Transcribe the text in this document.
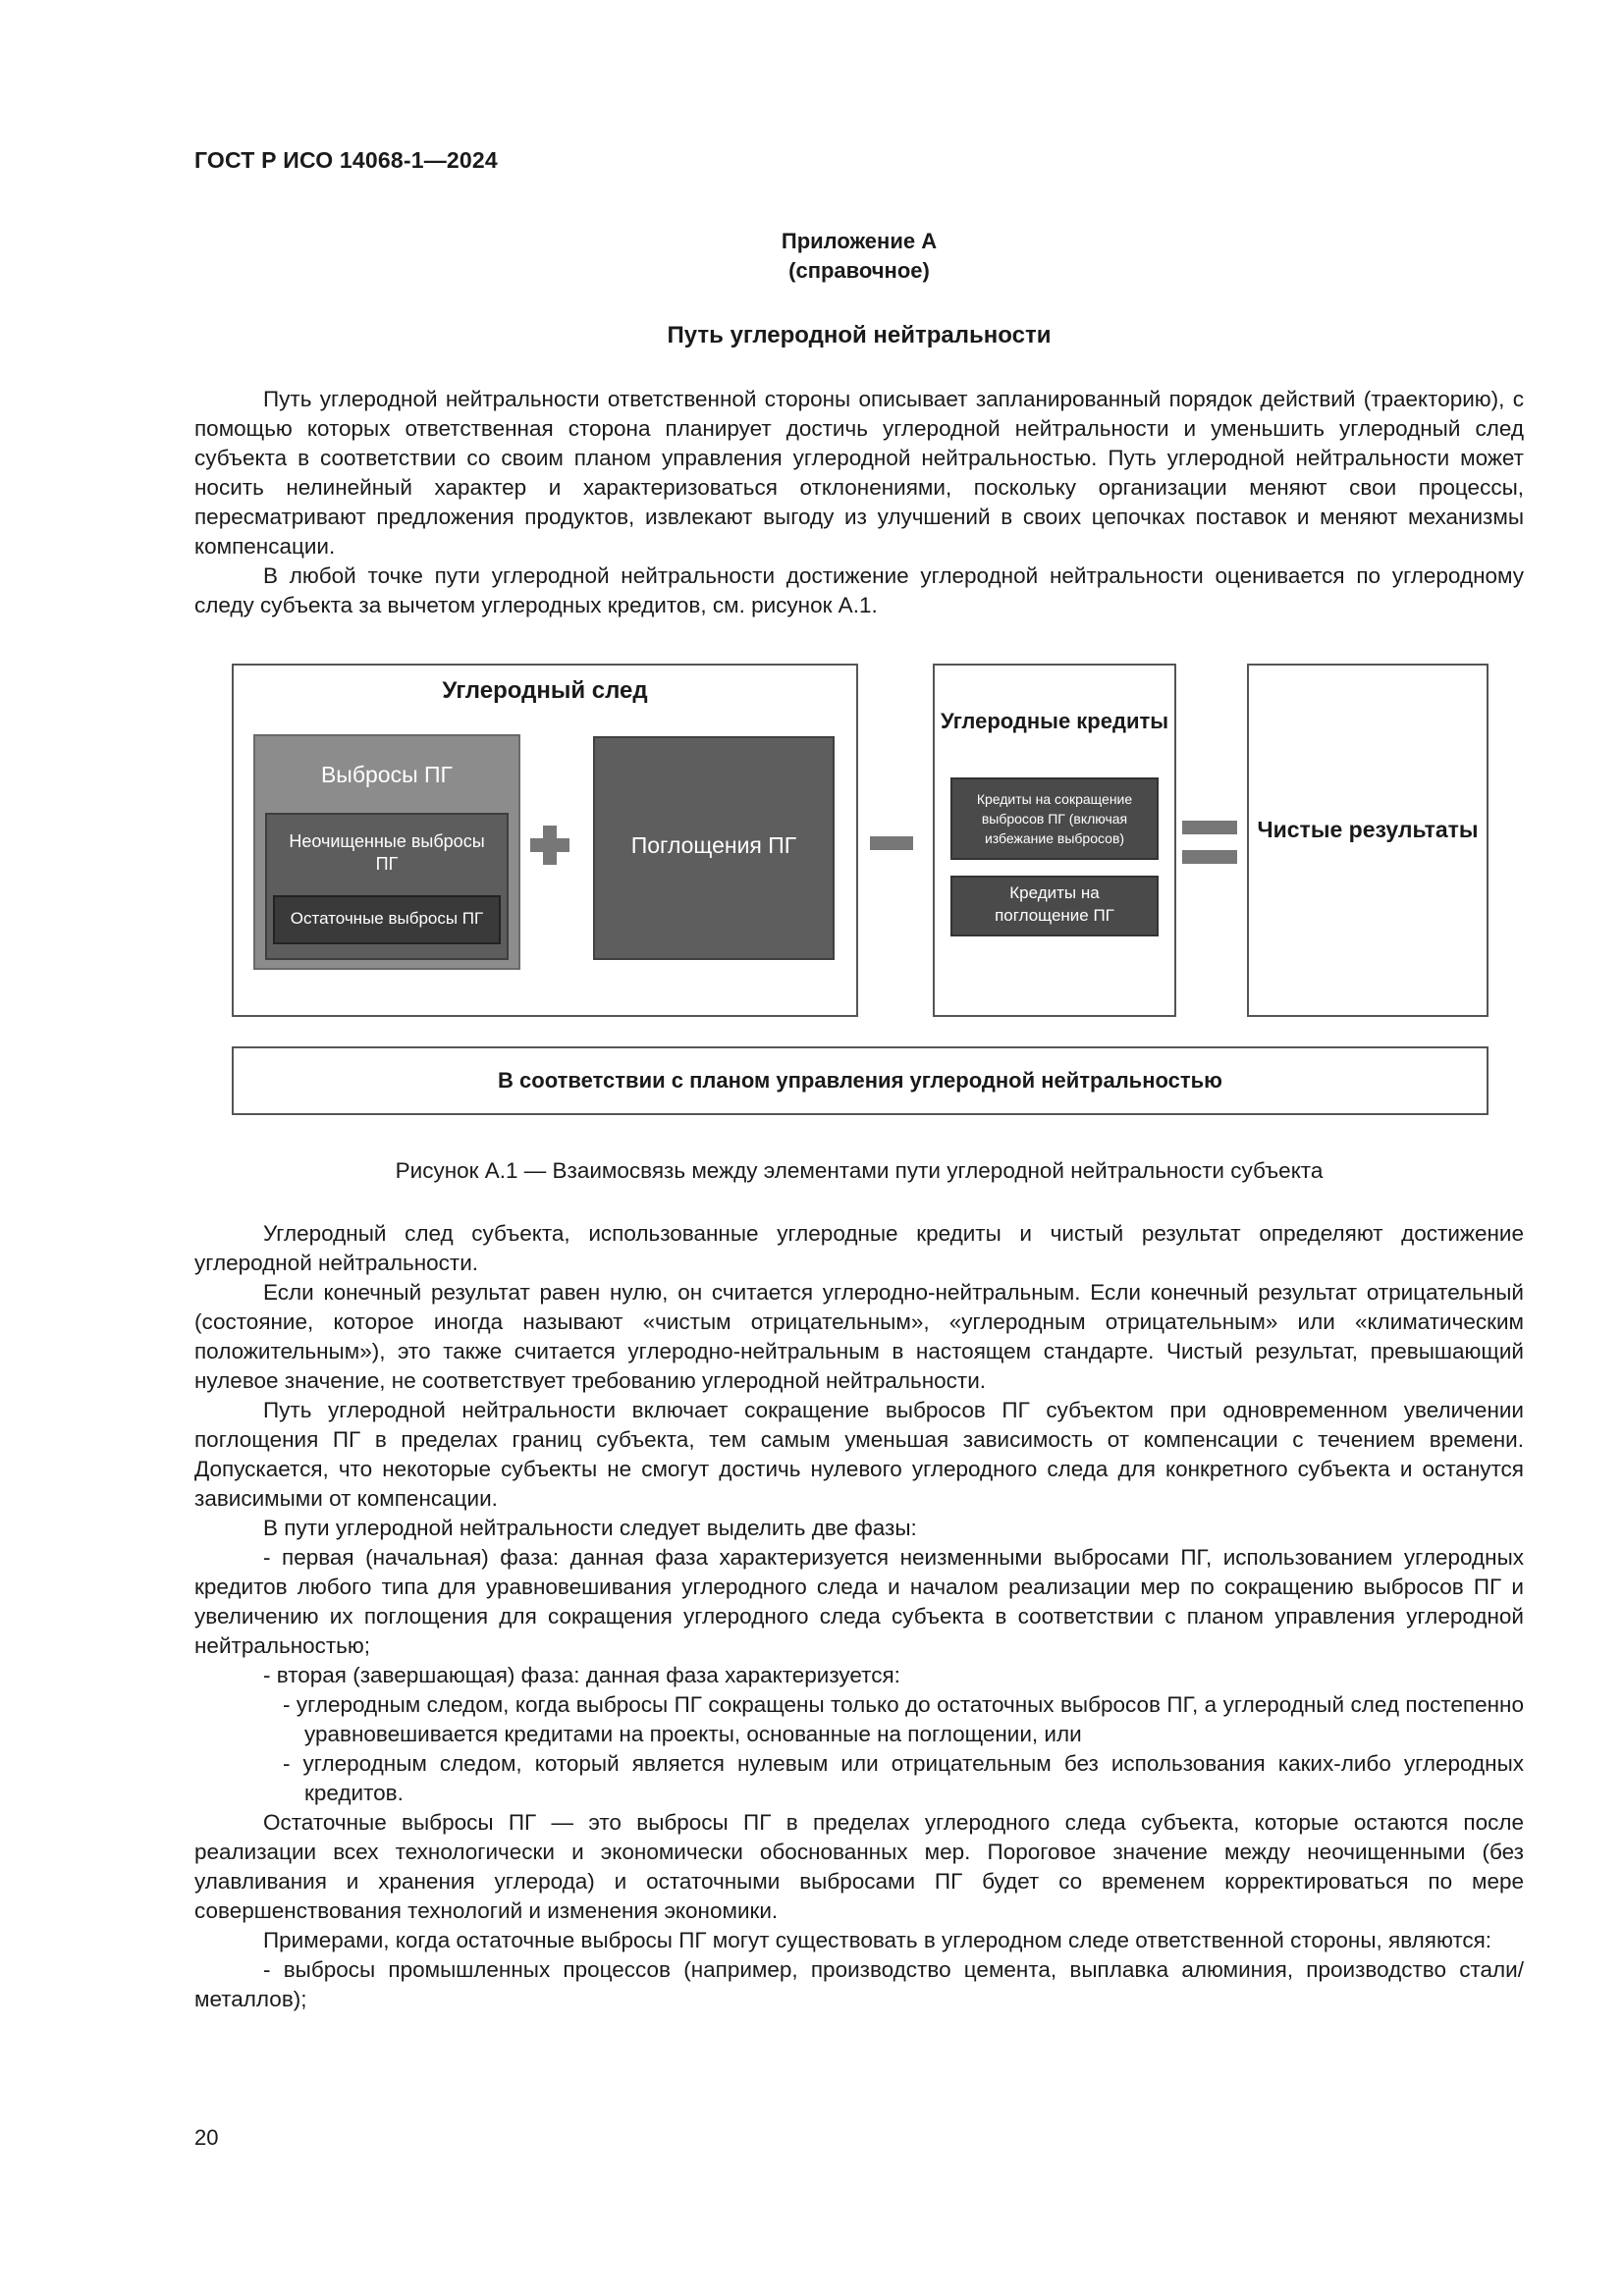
ГОСТ Р ИСО 14068-1—2024
Приложение А
(справочное)
Путь углеродной нейтральности

Путь углеродной нейтральности ответственной стороны описывает запланированный порядок действий (траекторию), с помощью которых ответственная сторона планирует достичь углеродной нейтральности и уменьшить углеродный след субъекта в соответствии со своим планом управления углеродной нейтральностью. Путь углеродной нейтральности может носить нелинейный характер и характеризоваться отклонениями, поскольку организации меняют свои процессы, пересматривают предложения продуктов, извлекают выгоду из улучшений в своих цепочках поставок и меняют механизмы компенсации.

В любой точке пути углеродной нейтральности достижение углеродной нейтральности оценивается по углеродному следу субъекта за вычетом углеродных кредитов, см. рисунок А.1.

Углеродный след
Выбросы ПГ
Неочищенные выбросы ПГ
Остаточные выбросы ПГ
Поглощения ПГ
Углеродные кредиты
Кредиты на сокращение выбросов ПГ (включая избежание выбросов)
Кредиты на поглощение ПГ
Чистые результаты
В соответствии с планом управления углеродной нейтральностью
Рисунок А.1 — Взаимосвязь между элементами пути углеродной нейтральности субъекта

Углеродный след субъекта, использованные углеродные кредиты и чистый результат определяют достижение углеродной нейтральности.

Если конечный результат равен нулю, он считается углеродно-нейтральным. Если конечный результат отрицательный (состояние, которое иногда называют «чистым отрицательным», «углеродным отрицательным» или «климатическим положительным»), это также считается углеродно-нейтральным в настоящем стандарте. Чистый результат, превышающий нулевое значение, не соответствует требованию углеродной нейтральности.

Путь углеродной нейтральности включает сокращение выбросов ПГ субъектом при одновременном увеличении поглощения ПГ в пределах границ субъекта, тем самым уменьшая зависимость от компенсации с течением времени. Допускается, что некоторые субъекты не смогут достичь нулевого углеродного следа для конкретного субъекта и останутся зависимыми от компенсации.

В пути углеродной нейтральности следует выделить две фазы:

- первая (начальная) фаза: данная фаза характеризуется неизменными выбросами ПГ, использованием углеродных кредитов любого типа для уравновешивания углеродного следа и началом реализации мер по сокращению выбросов ПГ и увеличению их поглощения для сокращения углеродного следа субъекта в соответствии с планом управления углеродной нейтральностью;

- вторая (завершающая) фаза: данная фаза характеризуется:

- углеродным следом, когда выбросы ПГ сокращены только до остаточных выбросов ПГ, а углеродный след постепенно уравновешивается кредитами на проекты, основанные на поглощении, или

- углеродным следом, который является нулевым или отрицательным без использования каких-либо углеродных кредитов.

Остаточные выбросы ПГ — это выбросы ПГ в пределах углеродного следа субъекта, которые остаются после реализации всех технологически и экономически обоснованных мер. Пороговое значение между неочищенными (без улавливания и хранения углерода) и остаточными выбросами ПГ будет со временем корректироваться по мере совершенствования технологий и изменения экономики.

Примерами, когда остаточные выбросы ПГ могут существовать в углеродном следе ответственной стороны, являются:

- выбросы промышленных процессов (например, производство цемента, выплавка алюминия, производство стали/металлов);

20
